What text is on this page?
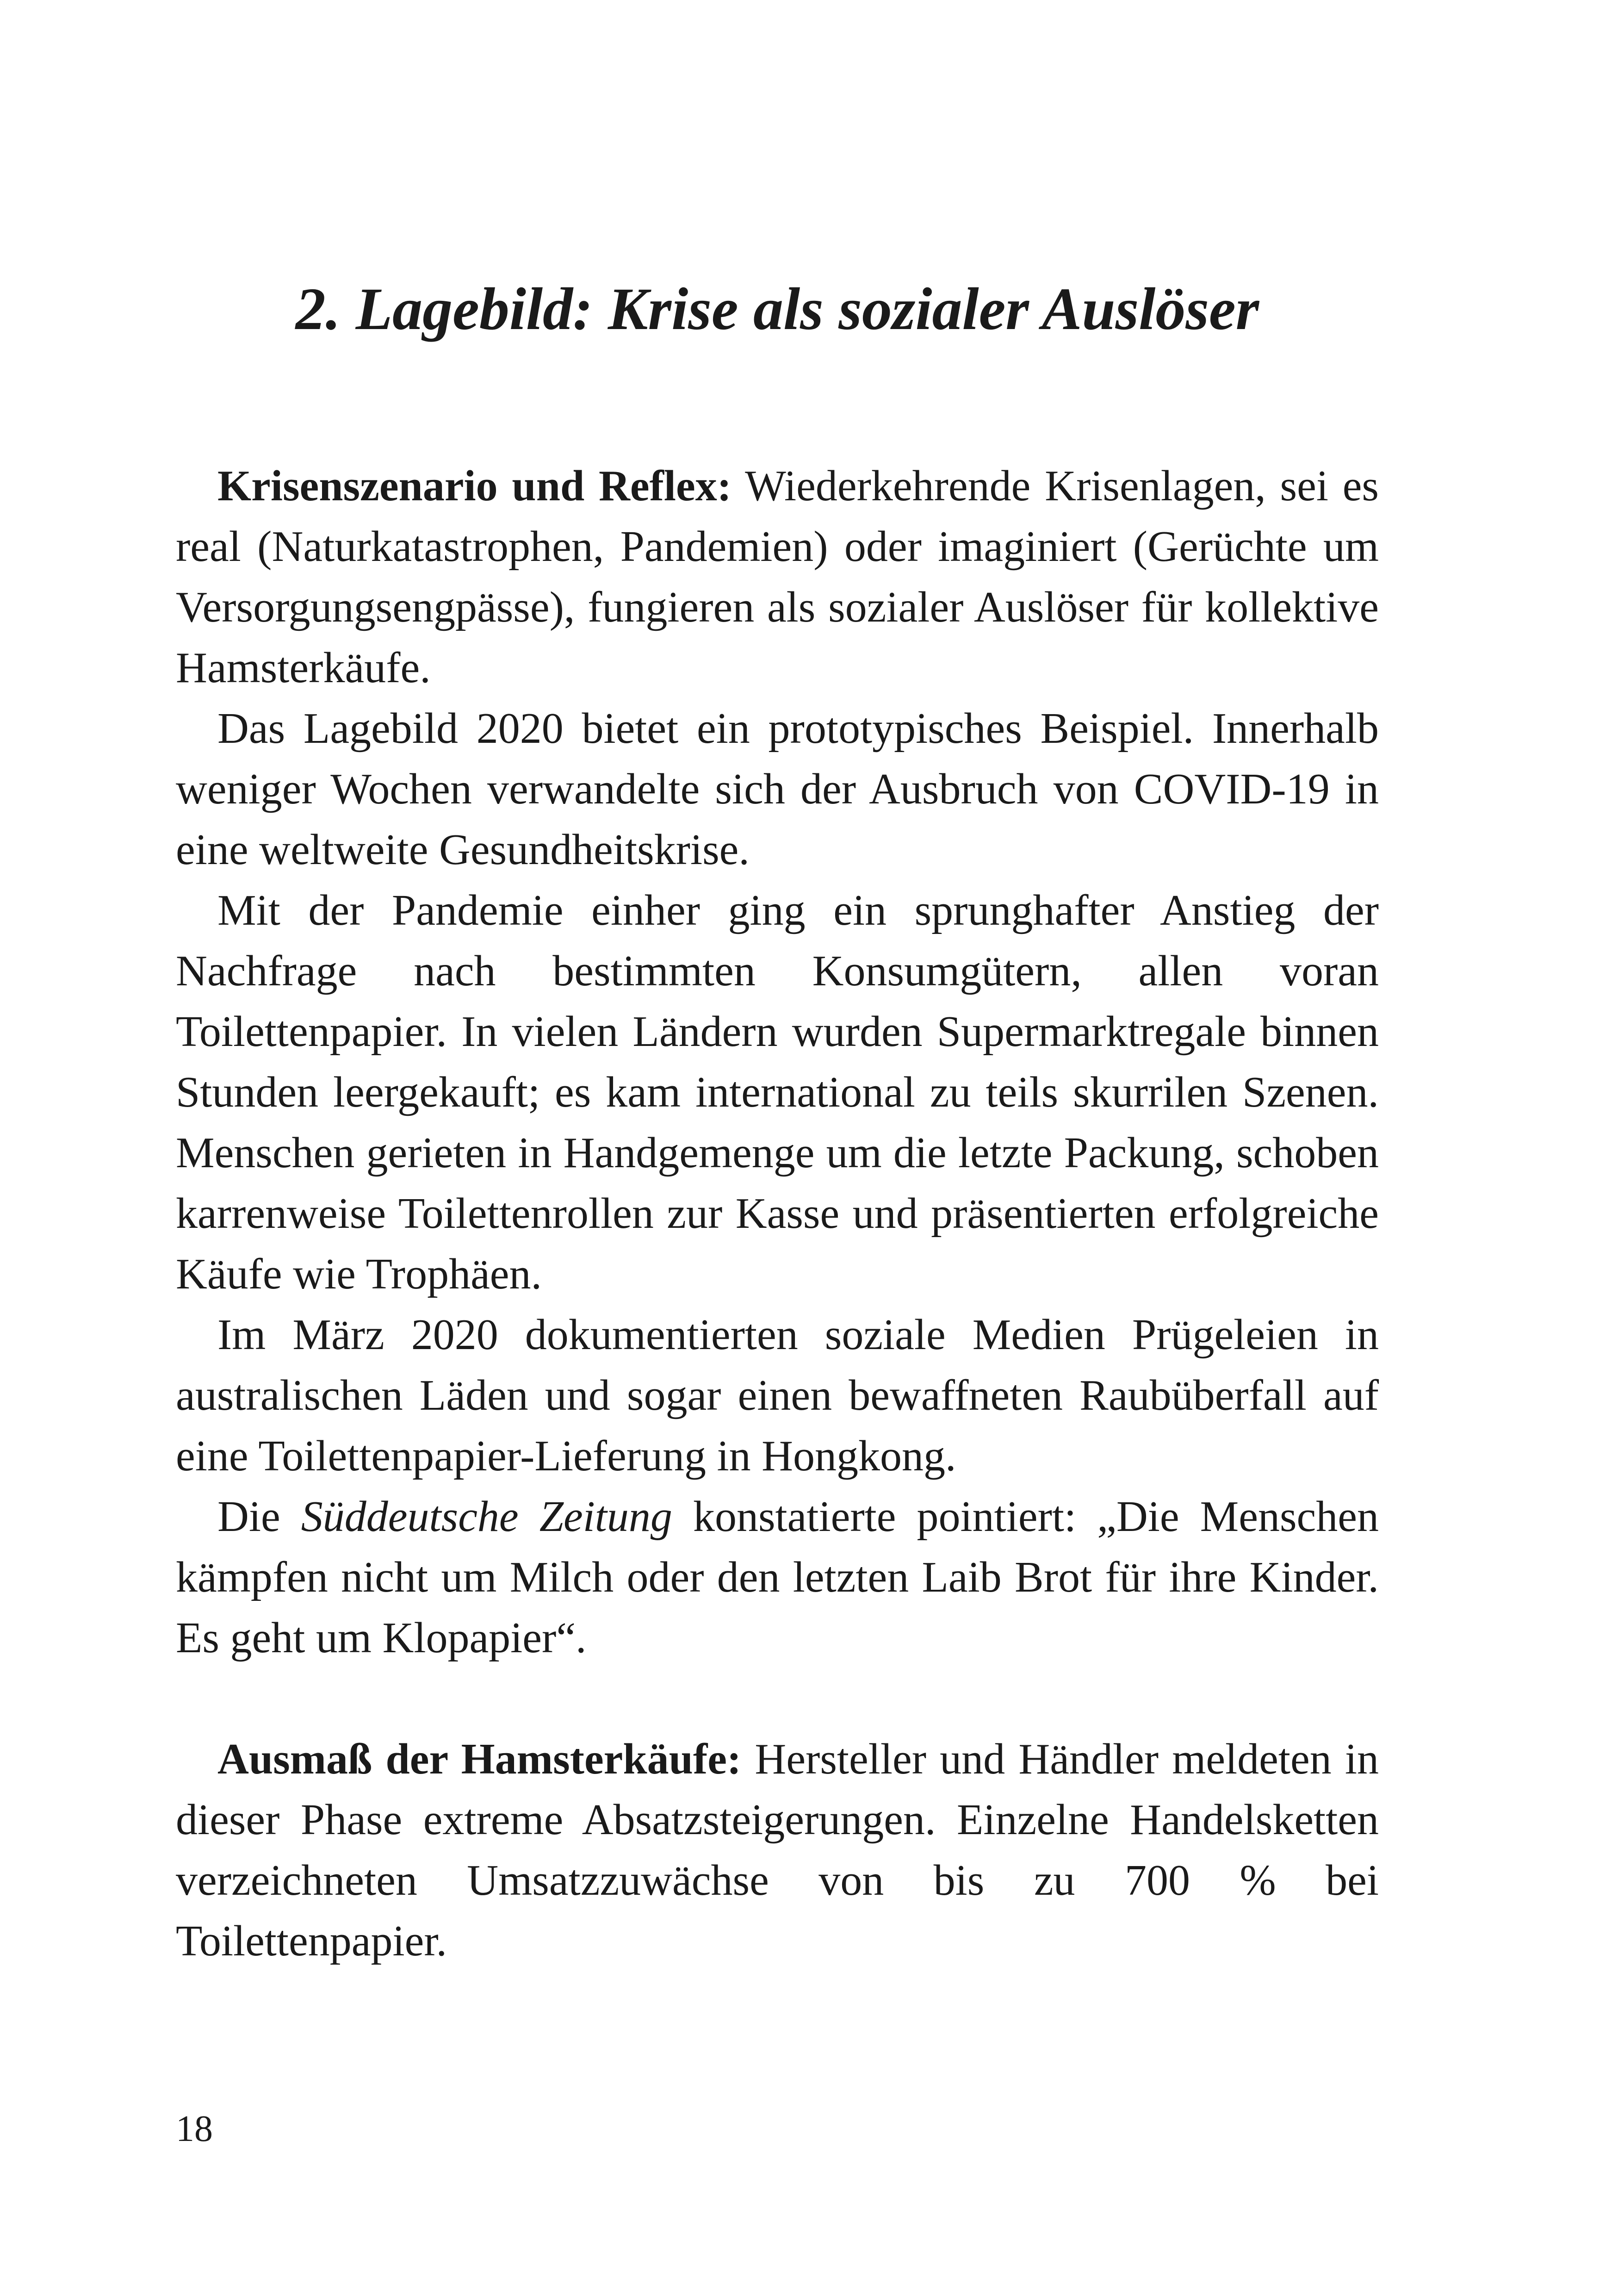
2. Lagebild: Krise als sozialer Auslöser

Krisenszenario und Reflex: Wiederkehrende Krisenlagen, sei es real (Naturkatastrophen, Pandemien) oder imaginiert (Gerüchte um Versorgungsengpässe), fungieren als sozialer Auslöser für kollektive Hamsterkäufe.

Das Lagebild 2020 bietet ein prototypisches Beispiel. Innerhalb weniger Wochen verwandelte sich der Ausbruch von COVID-19 in eine weltweite Gesundheitskrise.

Mit der Pandemie einher ging ein sprunghafter Anstieg der Nachfrage nach bestimmten Konsumgütern, allen voran Toilettenpapier. In vielen Ländern wurden Supermarktregale binnen Stunden leergekauft; es kam international zu teils skurrilen Szenen. Menschen gerieten in Handgemenge um die letzte Packung, schoben karrenweise Toilettenrollen zur Kasse und präsentierten erfolgreiche Käufe wie Trophäen.

Im März 2020 dokumentierten soziale Medien Prügeleien in australischen Läden und sogar einen bewaffneten Raubüberfall auf eine Toilettenpapier-Lieferung in Hongkong.

Die Süddeutsche Zeitung konstatierte pointiert: „Die Menschen kämpfen nicht um Milch oder den letzten Laib Brot für ihre Kinder. Es geht um Klopapier“.

Ausmaß der Hamsterkäufe: Hersteller und Händler meldeten in dieser Phase extreme Absatzsteigerungen. Einzelne Handelsketten verzeichneten Umsatzzuwächse von bis zu 700 % bei Toilettenpapier.

18
